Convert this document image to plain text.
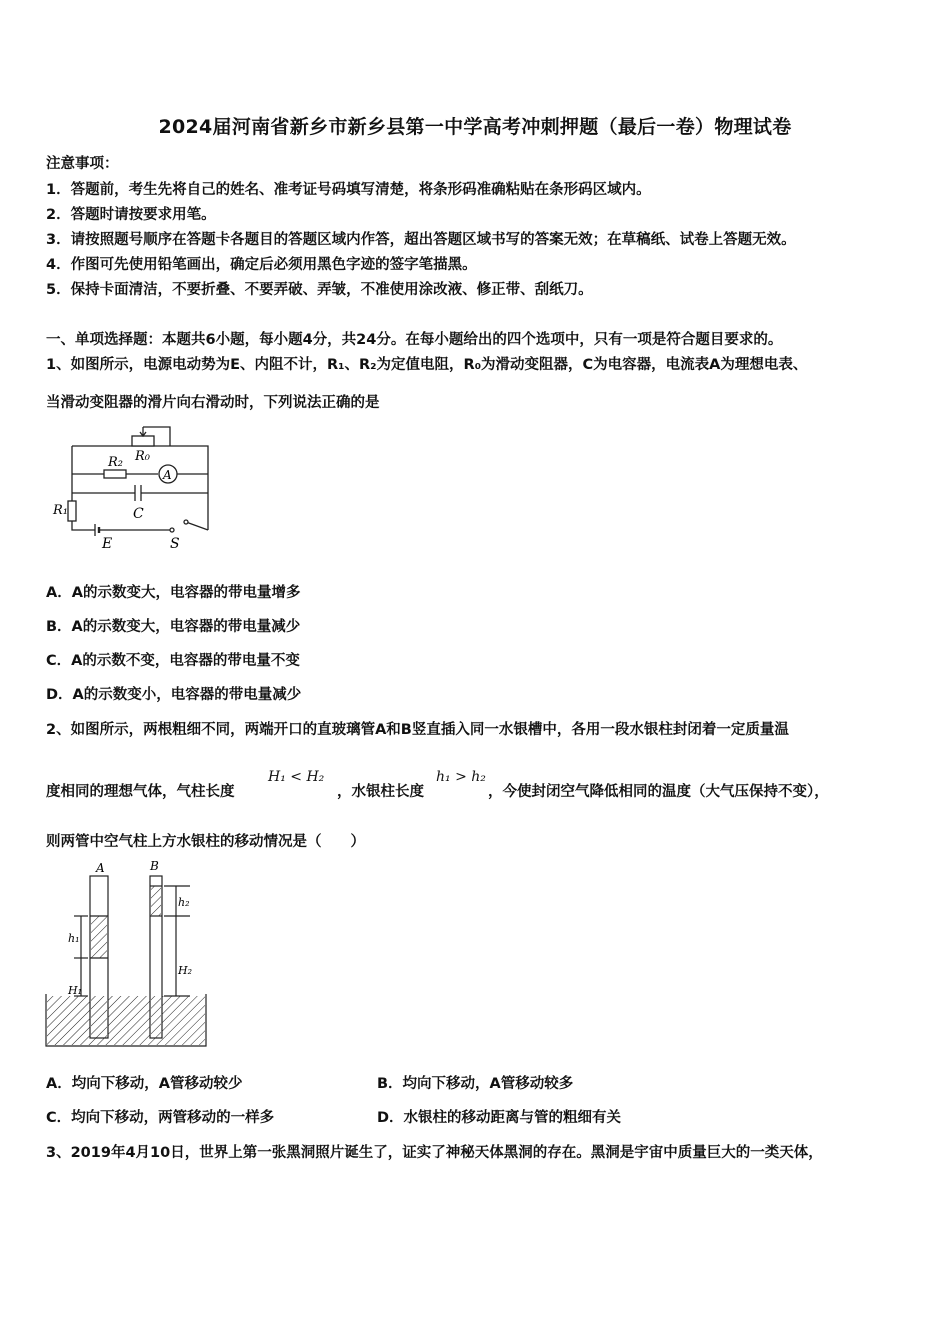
2024届河南省新乡市新乡县第一中学高考冲刺押题（最后一卷）物理试卷
注意事项：
1．答题前，考生先将自己的姓名、准考证号码填写清楚，将条形码准确粘贴在条形码区域内。
2．答题时请按要求用笔。
3．请按照题号顺序在答题卡各题目的答题区域内作答，超出答题区域书写的答案无效；在草稿纸、试卷上答题无效。
4．作图可先使用铅笔画出，确定后必须用黑色字迹的签字笔描黑。
5．保持卡面清洁，不要折叠、不要弄破、弄皱，不准使用涂改液、修正带、刮纸刀。
一、单项选择题：本题共6小题，每小题4分，共24分。在每小题给出的四个选项中，只有一项是符合题目要求的。
1、如图所示，电源电动势为E、内阻不计，R₁、R₂为定值电阻，R₀为滑动变阻器，C为电容器，电流表A为理想电表、
当滑动变阻器的滑片向右滑动时，下列说法正确的是
R₀
R₂
A
R₁	C
E	S
A．A的示数变大，电容器的带电量增多
B．A的示数变大，电容器的带电量减少
C．A的示数不变，电容器的带电量不变
D．A的示数变小，电容器的带电量减少
2、如图所示，两根粗细不同，两端开口的直玻璃管A和B竖直插入同一水银槽中，各用一段水银柱封闭着一定质量温
度相同的理想气体，气柱长度
H₁ < H₂
，水银柱长度
h₁ > h₂
，今使封闭空气降低相同的温度（大气压保持不变），
则两管中空气柱上方水银柱的移动情况是（　　）
A	B
h₁
H₁
h₂
H₂
A．均向下移动，A管移动较少	B．均向下移动，A管移动较多
C．均向下移动，两管移动的一样多	D．水银柱的移动距离与管的粗细有关
3、2019年4月10日，世界上第一张黑洞照片诞生了，证实了神秘天体黑洞的存在。黑洞是宇宙中质量巨大的一类天体，
